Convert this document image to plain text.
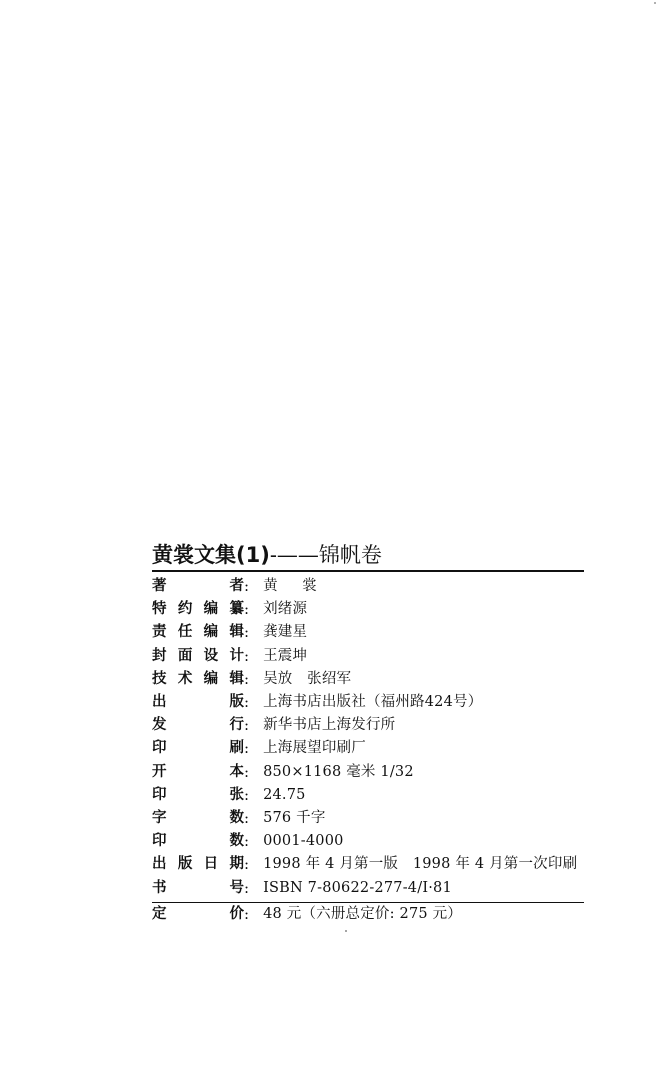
黄裳文集(1) -—— 锦帆卷
著	者 : 黄 裳
特 约 编 纂 : 刘绪源
责 任 编 辑 : 龚建星
封 面 设 计 : 王震坤
技 术 编 辑 : 吴放　张绍军
出	版 : 上海书店出版社（福州路424号）
发	行 : 新华书店上海发行所
印	刷 : 上海展望印刷厂
开	本 : 850×1168 毫米 1/32
印	张 : 24.75
字	数 : 576 千字
印	数 : 0001-4000
出 版 日 期 : 1998 年 4 月第一版　1998 年 4 月第一次印刷
书	号 : ISBN 7-80622-277-4/I·81
定	价 : 48 元（六册总定价: 275 元）
